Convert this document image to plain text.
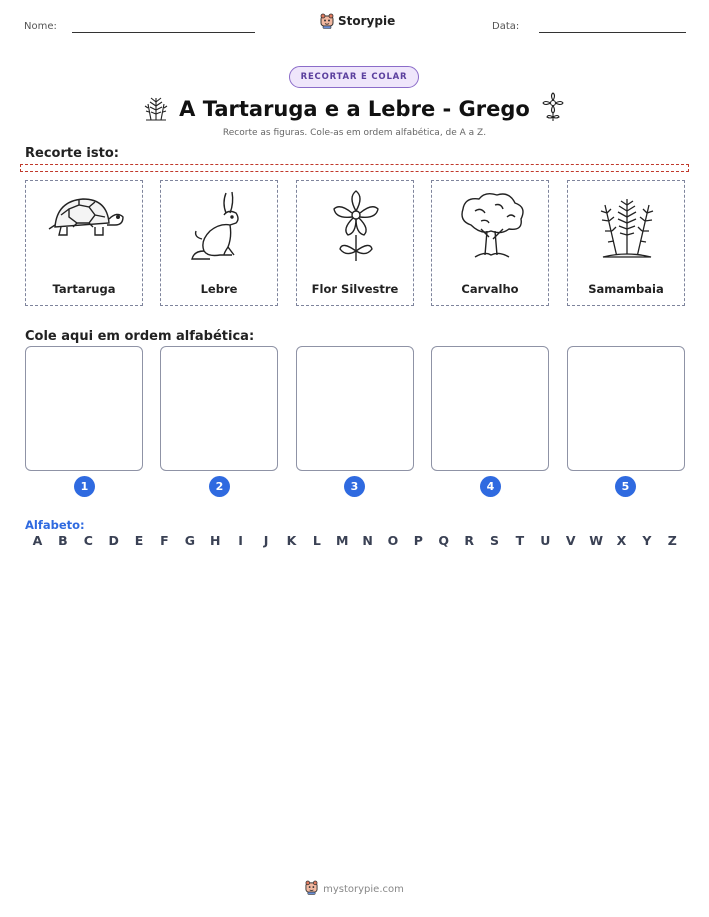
Nome:	Storypie	Data:
RECORTAR E COLAR
A Tartaruga e a Lebre - Grego
Recorte as figuras. Cole-as em ordem alfabética, de A a Z.
Recorte isto:
Tartaruga	Lebre	Flor Silvestre	Carvalho	Samambaia
Cole aqui em ordem alfabética:
1	2	3	4	5
Alfabeto:
A	B	C	D	E	F	G	H	I	J	K	L	M	N	O	P	Q	R	S	T	U	V	W	X	Y	Z
mystorypie.com
